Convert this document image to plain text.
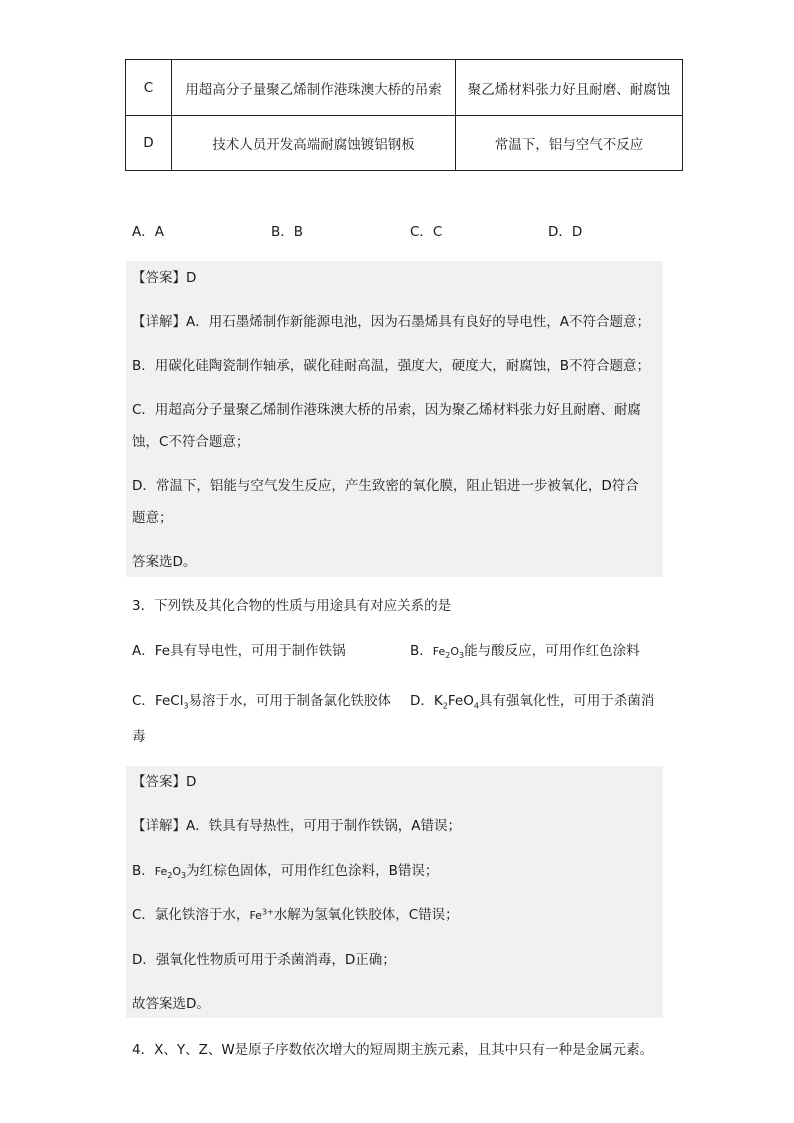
C	用超高分子量聚乙烯制作港珠澳大桥的吊索	聚乙烯材料张力好且耐磨、耐腐蚀
D	技术人员开发高端耐腐蚀镀铝钢板	常温下，铝与空气不反应
A．A	B．B	C．C	D．D
【答案】D
【详解】A．用石墨烯制作新能源电池，因为石墨烯具有良好的导电性，A不符合题意；
B．用碳化硅陶瓷制作轴承，碳化硅耐高温，强度大，硬度大，耐腐蚀，B不符合题意；
C．用超高分子量聚乙烯制作港珠澳大桥的吊索，因为聚乙烯材料张力好且耐磨、耐腐
蚀，C不符合题意；
D．常温下，铝能与空气发生反应，产生致密的氧化膜，阻止铝进一步被氧化，D符合
题意；
答案选D。
3．下列铁及其化合物的性质与用途具有对应关系的是
A．Fe具有导电性，可用于制作铁锅	B．$Fe_2O_3$能与酸反应，可用作红色涂料
C．FeCl$_3$易溶于水，可用于制备氯化铁胶体 D．$K_2FeO_4$具有强氧化性，可用于杀菌消
毒
【答案】D
【详解】A．铁具有导热性，可用于制作铁锅，A错误；
B．$Fe_2O_3$为红棕色固体，可用作红色涂料，B错误；
C．氯化铁溶于水，$Fe^{3+}$水解为氢氧化铁胶体，C错误；
D．强氧化性物质可用于杀菌消毒，D正确；
故答案选D。
4．X、Y、Z、W是原子序数依次增大的短周期主族元素，且其中只有一种是金属元素。
